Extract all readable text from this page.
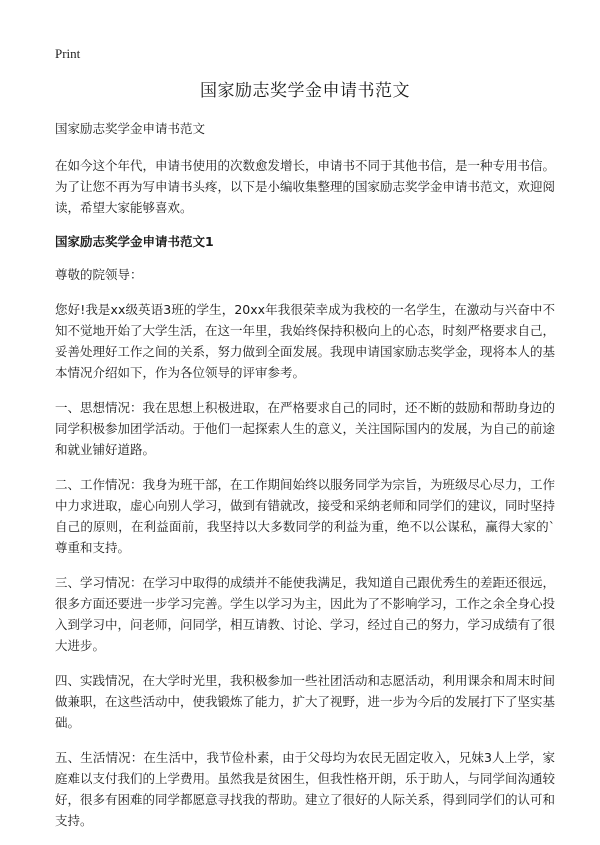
Print
国家励志奖学金申请书范文
国家励志奖学金申请书范文

在如今这个年代，申请书使用的次数愈发增长，申请书不同于其他书信，是一种专用书信。为了让您不再为写申请书头疼，以下是小编收集整理的国家励志奖学金申请书范文，欢迎阅读，希望大家能够喜欢。

国家励志奖学金申请书范文1

尊敬的院领导：

您好!我是xx级英语3班的学生，20xx年我很荣幸成为我校的一名学生，在激动与兴奋中不知不觉地开始了大学生活，在这一年里，我始终保持积极向上的心态，时刻严格要求自己，妥善处理好工作之间的关系，努力做到全面发展。我现申请国家励志奖学金，现将本人的基本情况介绍如下，作为各位领导的评审参考。

一、思想情况：我在思想上积极进取，在严格要求自己的同时，还不断的鼓励和帮助身边的同学积极参加团学活动。于他们一起探索人生的意义，关注国际国内的发展，为自己的前途和就业铺好道路。

二、工作情况：我身为班干部，在工作期间始终以服务同学为宗旨，为班级尽心尽力，工作中力求进取，虚心向别人学习，做到有错就改，接受和采纳老师和同学们的建议，同时坚持自己的原则，在利益面前，我坚持以大多数同学的利益为重，绝不以公谋私，赢得大家的`尊重和支持。

三、学习情况：在学习中取得的成绩并不能使我满足，我知道自己跟优秀生的差距还很远，很多方面还要进一步学习完善。学生以学习为主，因此为了不影响学习，工作之余全身心投入到学习中，问老师，问同学，相互请教、讨论、学习，经过自己的努力，学习成绩有了很大进步。

四、实践情况，在大学时光里，我积极参加一些社团活动和志愿活动，利用课余和周末时间做兼职，在这些活动中，使我锻炼了能力，扩大了视野，进一步为今后的发展打下了坚实基础。

五、生活情况：在生活中，我节俭朴素，由于父母均为农民无固定收入，兄妹3人上学，家庭难以支付我们的上学费用。虽然我是贫困生，但我性格开朗，乐于助人，与同学间沟通较好，很多有困难的同学都愿意寻找我的帮助。建立了很好的人际关系，得到同学们的认可和支持。
